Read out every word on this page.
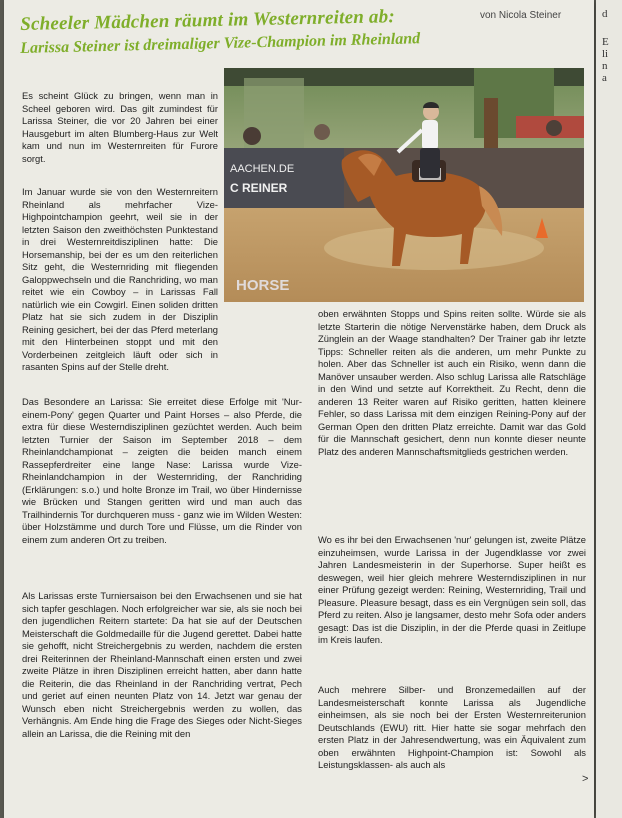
von Nicola Steiner
Scheeler Mädchen räumt im Westernreiten ab:
Larissa Steiner ist dreimaliger Vize-Champion im Rheinland
AACHEN.DE
C REINER
HORSE

Es scheint Glück zu bringen, wenn man in Scheel geboren wird. Das gilt zumindest für Larissa Steiner, die vor 20 Jahren bei einer Hausgeburt im alten Blumberg-Haus zur Welt kam und nun im Westernreiten für Furore sorgt.

Im Januar wurde sie von den Westernreitern Rheinland als mehrfacher Vize-Highpointchampion geehrt, weil sie in der letzten Saison den zweithöchsten Punktestand in drei Westernreitdisziplinen hatte: Die Horsemanship, bei der es um den reiterlichen Sitz geht, die Westernriding mit fliegenden Galoppwechseln und die Ranchriding, wo man reitet wie ein Cowboy – in Larissas Fall natürlich wie ein Cowgirl. Einen soliden dritten Platz hat sie sich zudem in der Disziplin Reining gesichert, bei der das Pferd meterlang mit den Hinterbeinen stoppt und mit den Vorderbeinen zeitgleich läuft oder sich in rasanten Spins auf der Stelle dreht.

Das Besondere an Larissa: Sie erreitet diese Erfolge mit 'Nur-einem-Pony' gegen Quarter und Paint Horses – also Pferde, die extra für diese Westerndisziplinen gezüchtet werden. Auch beim letzten Turnier der Saison im September 2018 – dem Rheinlandchampionat – zeigten die beiden manch einem Rassepferdreiter eine lange Nase: Larissa wurde Vize-Rheinlandchampion in der Westernriding, der Ranchriding (Erklärungen: s.o.) und holte Bronze im Trail, wo über Hindernisse wie Brücken und Stangen geritten wird und man auch das Trailhindernis Tor durchqueren muss - ganz wie im Wilden Westen: über Holzstämme und durch Tore und Flüsse, um die Rinder von einem zum anderen Ort zu treiben.

Als Larissas erste Turniersaison bei den Erwachsenen und sie hat sich tapfer geschlagen. Noch erfolgreicher war sie, als sie noch bei den jugendlichen Reitern startete: Da hat sie auf der Deutschen Meisterschaft die Goldmedaille für die Jugend gerettet. Dabei hatte sie gehofft, nicht Streichergebnis zu werden, nachdem die ersten drei Reiterinnen der Rheinland-Mannschaft einen ersten und zwei zweite Plätze in ihren Disziplinen erreicht hatten, aber dann hatte die Reiterin, die das Rheinland in der Ranchriding vertrat, Pech und geriet auf einen neunten Platz von 14. Jetzt war genau der Wunsch eben nicht Streichergebnis werden zu wollen, das Verhängnis. Am Ende hing die Frage des Sieges oder Nicht-Sieges allein an Larissa, die die Reining mit den

oben erwähnten Stopps und Spins reiten sollte. Würde sie als letzte Starterin die nötige Nervenstärke haben, dem Druck als Zünglein an der Waage standhalten? Der Trainer gab ihr letzte Tipps: Schneller reiten als die anderen, um mehr Punkte zu holen. Aber das Schneller ist auch ein Risiko, wenn dann die Manöver unsauber werden. Also schlug Larissa alle Ratschläge in den Wind und setzte auf Korrektheit. Zu Recht, denn die anderen 13 Reiter waren auf Risiko geritten, hatten kleinere Fehler, so dass Larissa mit dem einzigen Reining-Pony auf der German Open den dritten Platz erreichte. Damit war das Gold für die Mannschaft gesichert, denn nun konnte dieser neunte Platz des anderen Mannschaftsmitglieds gestrichen werden.

Wo es ihr bei den Erwachsenen 'nur' gelungen ist, zweite Plätze einzuheimsen, wurde Larissa in der Jugendklasse vor zwei Jahren Landesmeisterin in der Superhorse. Super heißt es deswegen, weil hier gleich mehrere Westerndisziplinen in nur einer Prüfung gezeigt werden: Reining, Westernriding, Trail und Pleasure. Pleasure besagt, dass es ein Vergnügen sein soll, das Pferd zu reiten. Also je langsamer, desto mehr Sofa oder anders gesagt: Das ist die Disziplin, in der die Pferde quasi in Zeitlupe im Kreis laufen.

Auch mehrere Silber- und Bronzemedaillen auf der Landesmeisterschaft konnte Larissa als Jugendliche einheimsen, als sie noch bei der Ersten Westernreiterunion Deutschlands (EWU) ritt. Hier hatte sie sogar mehrfach den ersten Platz in der Jahresendwertung, was ein Äquivalent zum oben erwähnten Highpoint-Champion ist: Sowohl als Leistungsklassen- als auch als

>
d
E
li
n
a
